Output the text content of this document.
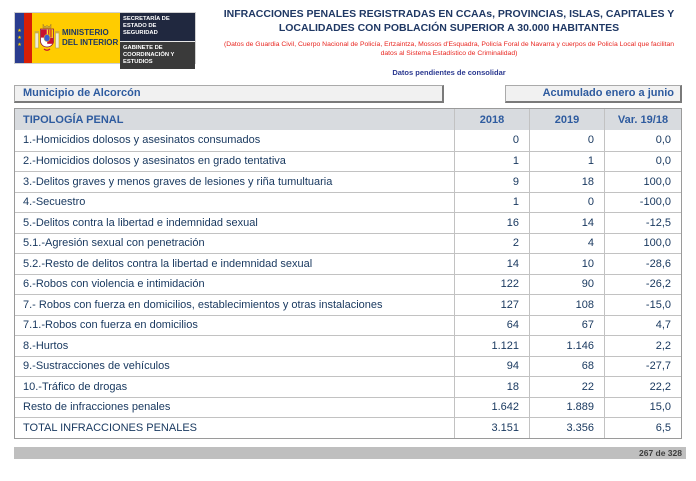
★
★
★
MINISTERIO DEL INTERIOR
SECRETARÍA DE ESTADO DE SEGURIDAD
GABINETE DE COORDINACIÓN Y ESTUDIOS
INFRACCIONES PENALES REGISTRADAS EN CCAAs, PROVINCIAS, ISLAS, CAPITALES Y LOCALIDADES CON POBLACIÓN SUPERIOR A 30.000 HABITANTES
(Datos de Guardia Civil, Cuerpo Nacional de Policía, Ertzaintza, Mossos d'Esquadra, Policía Foral de Navarra y cuerpos de Policía Local que facilitan datos al Sistema Estadístico de Criminalidad)
Datos pendientes de consolidar
Municipio de Alcorcón	Acumulado enero a junio
TIPOLOGÍA PENAL	2018	2019	Var. 19/18
1.-Homicidios dolosos y asesinatos consumados	0	0	0,0
2.-Homicidios dolosos y asesinatos en grado tentativa	1	1	0,0
3.-Delitos graves y menos graves de lesiones y riña tumultuaria	9	18	100,0
4.-Secuestro	1	0	-100,0
5.-Delitos contra la libertad e indemnidad sexual	16	14	-12,5
5.1.-Agresión sexual con penetración	2	4	100,0
5.2.-Resto de delitos contra la libertad e indemnidad sexual	14	10	-28,6
6.-Robos con violencia e intimidación	122	90	-26,2
7.- Robos con fuerza en domicilios, establecimientos y otras instalaciones	127	108	-15,0
7.1.-Robos con fuerza en domicilios	64	67	4,7
8.-Hurtos	1.121	1.146	2,2
9.-Sustracciones de vehículos	94	68	-27,7
10.-Tráfico de drogas	18	22	22,2
Resto de infracciones penales	1.642	1.889	15,0
TOTAL INFRACCIONES PENALES	3.151	3.356	6,5
267 de 328
